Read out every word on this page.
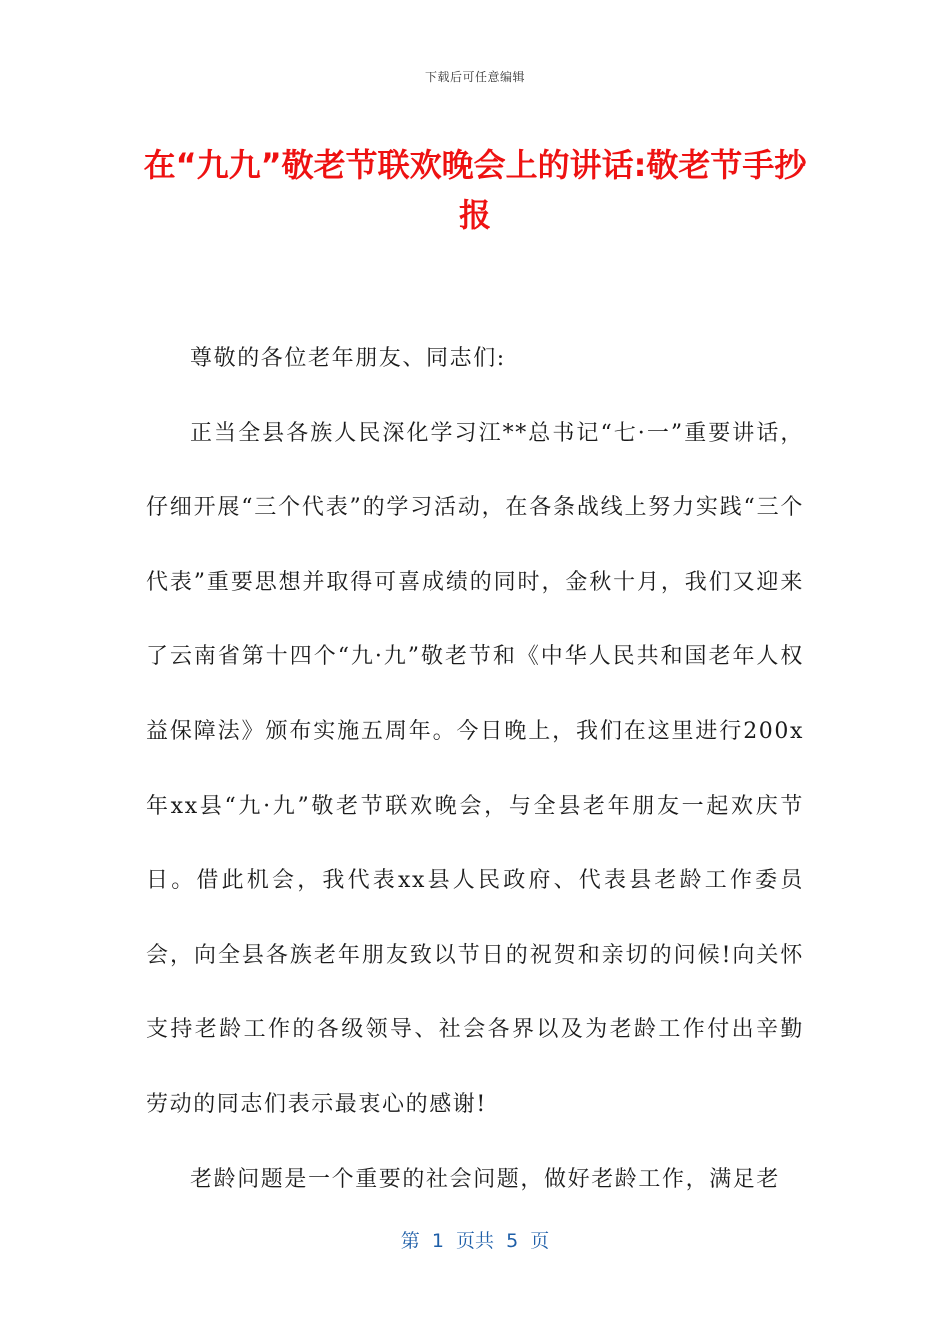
下载后可任意编辑
在“九九”敬老节联欢晚会上的讲话:敬老节手抄报

尊敬的各位老年朋友、同志们:

正当全县各族人民深化学习江**总书记“七·一”重要讲话，仔细开展“三个代表”的学习活动，在各条战线上努力实践“三个代表”重要思想并取得可喜成绩的同时，金秋十月，我们又迎来了云南省第十四个“九·九”敬老节和《中华人民共和国老年人权益保障法》颁布实施五周年。今日晚上，我们在这里进行200x年xx县“九·九”敬老节联欢晚会，与全县老年朋友一起欢庆节日。借此机会，我代表xx县人民政府、代表县老龄工作委员会，向全县各族老年朋友致以节日的祝贺和亲切的问候!向关怀支持老龄工作的各级领导、社会各界以及为老龄工作付出辛勤劳动的同志们表示最衷心的感谢!

老龄问题是一个重要的社会问题，做好老龄工作，满足老

第  1  页共  5  页
